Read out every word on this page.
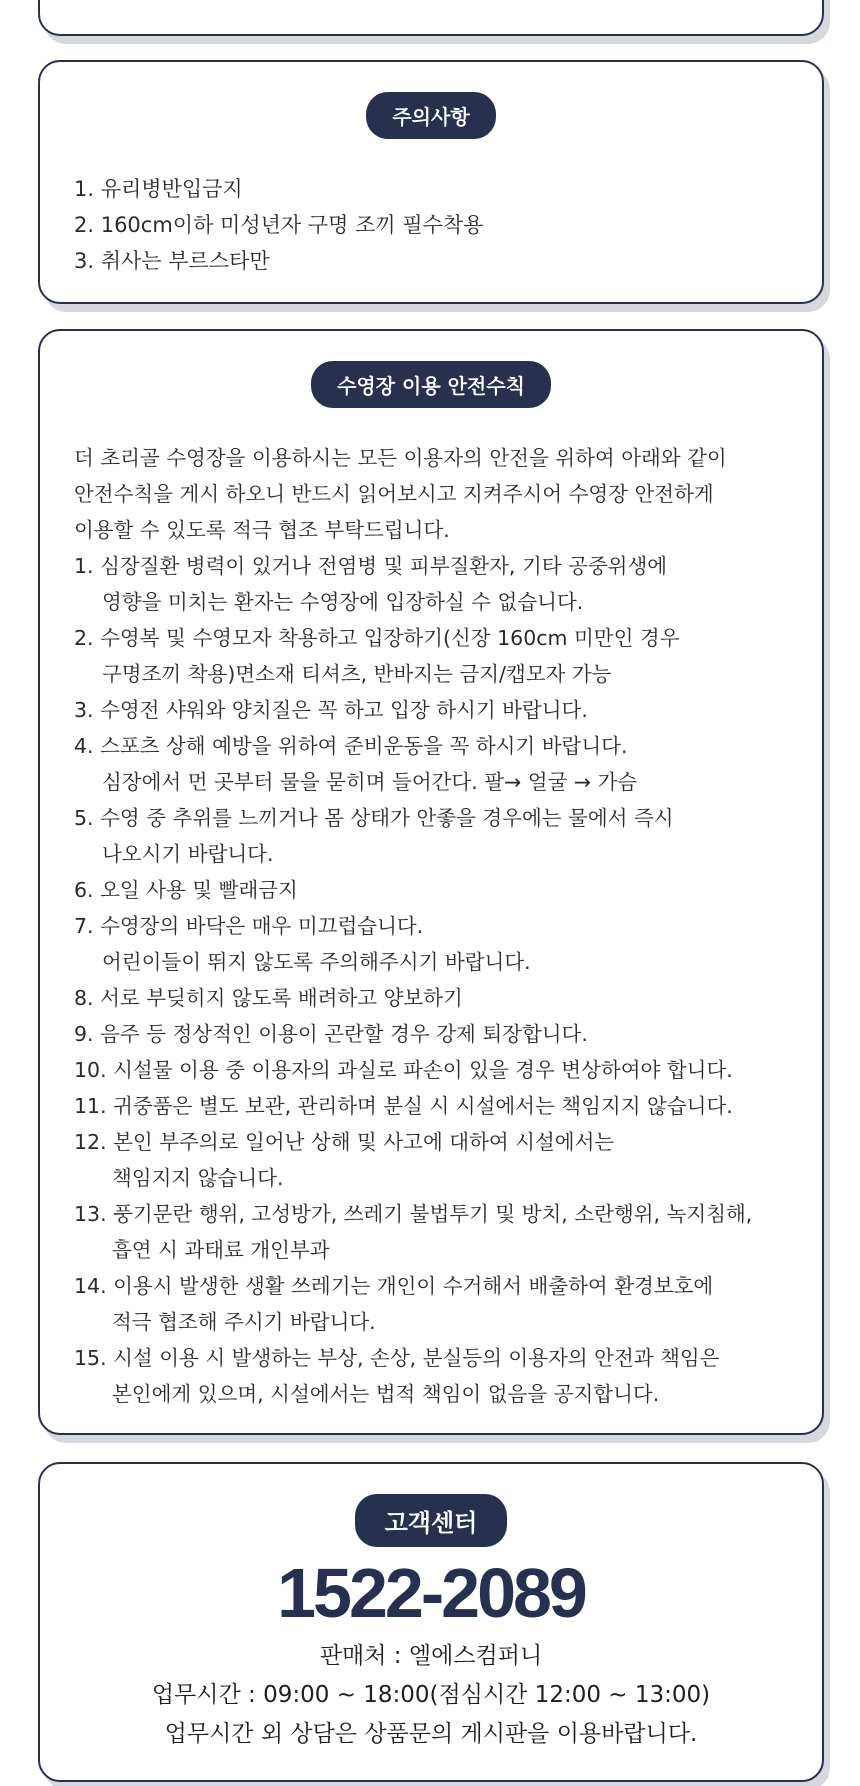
주의사항
1. 유리병반입금지
2. 160cm이하 미성년자 구명 조끼 필수착용
3. 취사는 부르스타만
수영장 이용 안전수칙
더 초리골 수영장을 이용하시는 모든 이용자의 안전을 위하여 아래와 같이
안전수칙을 게시 하오니 반드시 읽어보시고 지켜주시어 수영장 안전하게
이용할 수 있도록 적극 협조 부탁드립니다.
1. 심장질환 병력이 있거나 전염병 및 피부질환자, 기타 공중위생에
영향을 미치는 환자는 수영장에 입장하실 수 없습니다.
2. 수영복 및 수영모자 착용하고 입장하기(신장 160cm 미만인 경우
구명조끼 착용)면소재 티셔츠, 반바지는 금지/캡모자 가능
3. 수영전 샤워와 양치질은 꼭 하고 입장 하시기 바랍니다.
4. 스포츠 상해 예방을 위하여 준비운동을 꼭 하시기 바랍니다.
심장에서 먼 곳부터 물을 묻히며 들어간다. 팔→ 얼굴 → 가슴
5. 수영 중 추위를 느끼거나 몸 상태가 안좋을 경우에는 물에서 즉시
나오시기 바랍니다.
6. 오일 사용 및 빨래금지
7. 수영장의 바닥은 매우 미끄럽습니다.
어린이들이 뛰지 않도록 주의해주시기 바랍니다.
8. 서로 부딪히지 않도록 배려하고 양보하기
9. 음주 등 정상적인 이용이 곤란할 경우 강제 퇴장합니다.
10. 시설물 이용 중 이용자의 과실로 파손이 있을 경우 변상하여야 합니다.
11. 귀중품은 별도 보관, 관리하며 분실 시 시설에서는 책임지지 않습니다.
12. 본인 부주의로 일어난 상해 및 사고에 대하여 시설에서는
책임지지 않습니다.
13. 풍기문란 행위, 고성방가, 쓰레기 불법투기 및 방치, 소란행위, 녹지침해,
흡연 시 과태료 개인부과
14. 이용시 발생한 생활 쓰레기는 개인이 수거해서 배출하여 환경보호에
적극 협조해 주시기 바랍니다.
15. 시설 이용 시 발생하는 부상, 손상, 분실등의 이용자의 안전과 책임은
본인에게 있으며, 시설에서는 법적 책임이 없음을 공지합니다.
고객센터
1522-2089
판매처 : 엘에스컴퍼니
업무시간 : 09:00 ~ 18:00(점심시간 12:00 ~ 13:00)
업무시간 외 상담은 상품문의 게시판을 이용바랍니다.
